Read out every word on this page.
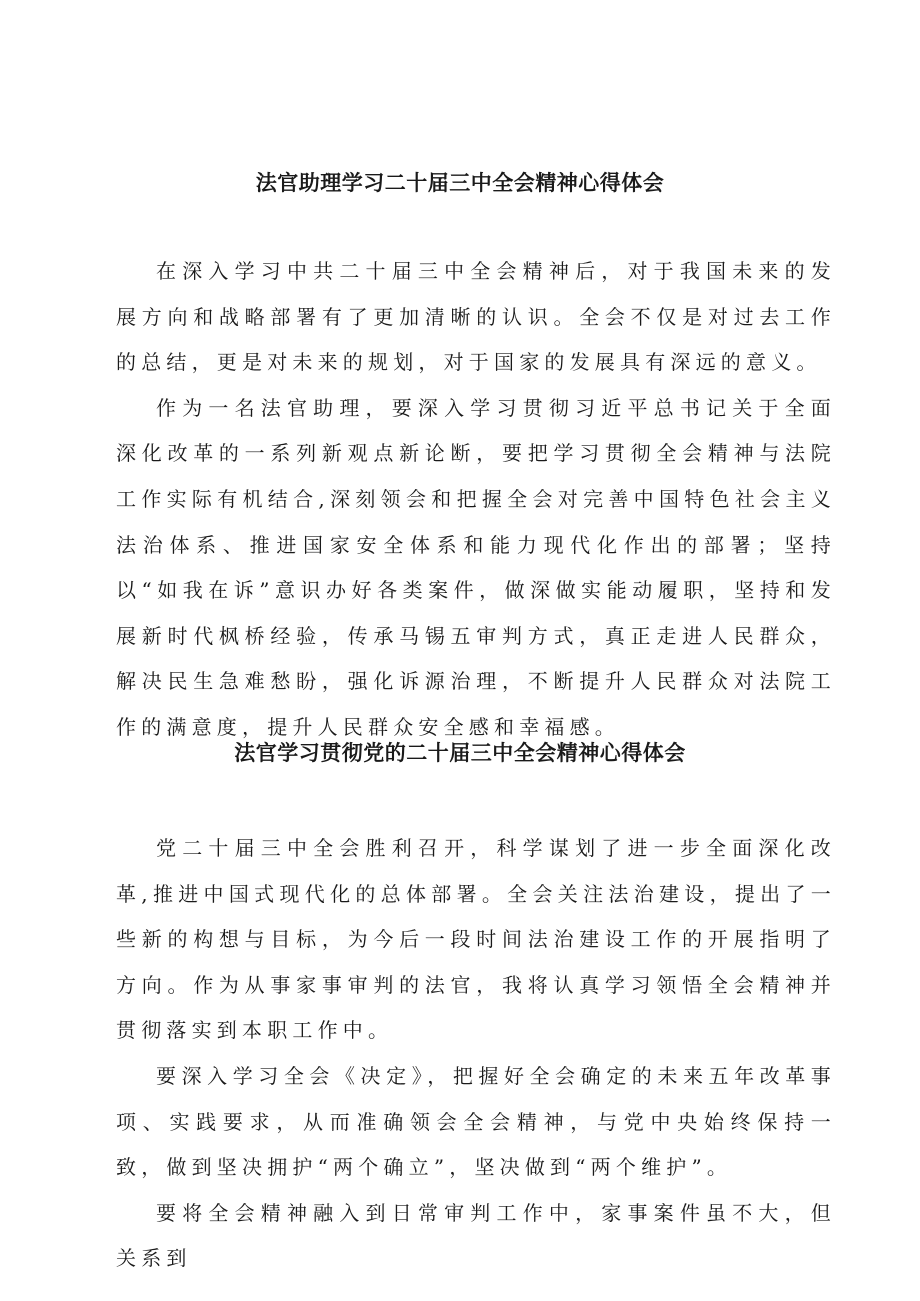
法官助理学习二十届三中全会精神心得体会

在深入学习中共二十届三中全会精神后，对于我国未来的发展方向和战略部署有了更加清晰的认识。全会不仅是对过去工作的总结，更是对未来的规划，对于国家的发展具有深远的意义。

作为一名法官助理，要深入学习贯彻习近平总书记关于全面深化改革的一系列新观点新论断，要把学习贯彻全会精神与法院工作实际有机结合,深刻领会和把握全会对完善中国特色社会主义法治体系、推进国家安全体系和能力现代化作出的部署；坚持以“如我在诉”意识办好各类案件，做深做实能动履职，坚持和发展新时代枫桥经验，传承马锡五审判方式，真正走进人民群众，解决民生急难愁盼，强化诉源治理，不断提升人民群众对法院工作的满意度，提升人民群众安全感和幸福感。

法官学习贯彻党的二十届三中全会精神心得体会

党二十届三中全会胜利召开，科学谋划了进一步全面深化改革,推进中国式现代化的总体部署。全会关注法治建设，提出了一些新的构想与目标，为今后一段时间法治建设工作的开展指明了方向。作为从事家事审判的法官，我将认真学习领悟全会精神并贯彻落实到本职工作中。

要深入学习全会《决定》，把握好全会确定的未来五年改革事项、实践要求，从而准确领会全会精神，与党中央始终保持一致，做到坚决拥护“两个确立”，坚决做到“两个维护”。

要将全会精神融入到日常审判工作中，家事案件虽不大，但关系到
